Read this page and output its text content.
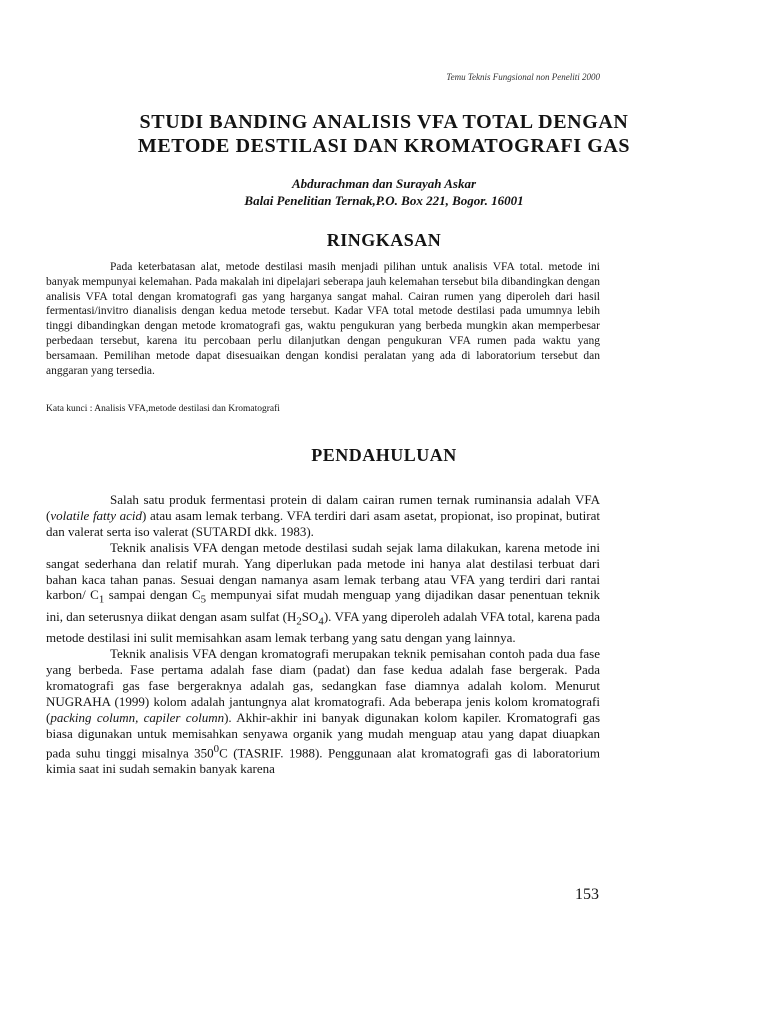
Temu Teknis Fungsional non Peneliti 2000
STUDI BANDING ANALISIS VFA TOTAL DENGAN
METODE DESTILASI DAN KROMATOGRAFI GAS
Abdurachman dan Surayah Askar
Balai Penelitian Ternak,P.O. Box 221, Bogor. 16001
RINGKASAN

Pada keterbatasan alat, metode destilasi masih menjadi pilihan untuk analisis VFA total. metode ini banyak mempunyai kelemahan. Pada makalah ini dipelajari seberapa jauh kelemahan tersebut bila dibandingkan dengan analisis VFA total dengan kromatografi gas yang harganya sangat mahal. Cairan rumen yang diperoleh dari hasil fermentasi/invitro dianalisis dengan kedua metode tersebut. Kadar VFA total metode destilasi pada umumnya lebih tinggi dibandingkan dengan metode kromatografi gas, waktu pengukuran yang berbeda mungkin akan memperbesar perbedaan tersebut, karena itu percobaan perlu dilanjutkan dengan pengukuran VFA rumen pada waktu yang bersamaan. Pemilihan metode dapat disesuaikan dengan kondisi peralatan yang ada di laboratorium tersebut dan anggaran yang tersedia.

Kata kunci : Analisis VFA,metode destilasi dan Kromatografi
PENDAHULUAN

Salah satu produk fermentasi protein di dalam cairan rumen ternak ruminansia adalah VFA (volatile fatty acid) atau asam lemak terbang. VFA terdiri dari asam asetat, propionat, iso propinat, butirat dan valerat serta iso valerat (SUTARDI dkk. 1983).

Teknik analisis VFA dengan metode destilasi sudah sejak lama dilakukan, karena metode ini sangat sederhana dan relatif murah. Yang diperlukan pada metode ini hanya alat destilasi terbuat dari bahan kaca tahan panas. Sesuai dengan namanya asam lemak terbang atau VFA yang terdiri dari rantai karbon/ $C_1$ sampai dengan $C_5$ mempunyai sifat mudah menguap yang dijadikan dasar penentuan teknik ini, dan seterusnya diikat dengan asam sulfat $(H_2SO_4)$. VFA yang diperoleh adalah VFA total, karena pada metode destilasi ini sulit memisahkan asam lemak terbang yang satu dengan yang lainnya.

Teknik analisis VFA dengan kromatografi merupakan teknik pemisahan contoh pada dua fase yang berbeda. Fase pertama adalah fase diam (padat) dan fase kedua adalah fase bergerak. Pada kromatografi gas fase bergeraknya adalah gas, sedangkan fase diamnya adalah kolom. Menurut NUGRAHA (1999) kolom adalah jantungnya alat kromatografi. Ada beberapa jenis kolom kromatografi (packing column, capiler column). Akhir-akhir ini banyak digunakan kolom kapiler. Kromatografi gas biasa digunakan untuk memisahkan senyawa organik yang mudah menguap atau yang dapat diuapkan pada suhu tinggi misalnya $350^0C$ (TASRIF. 1988). Penggunaan alat kromatografi gas di laboratorium kimia saat ini sudah semakin banyak karena

153
